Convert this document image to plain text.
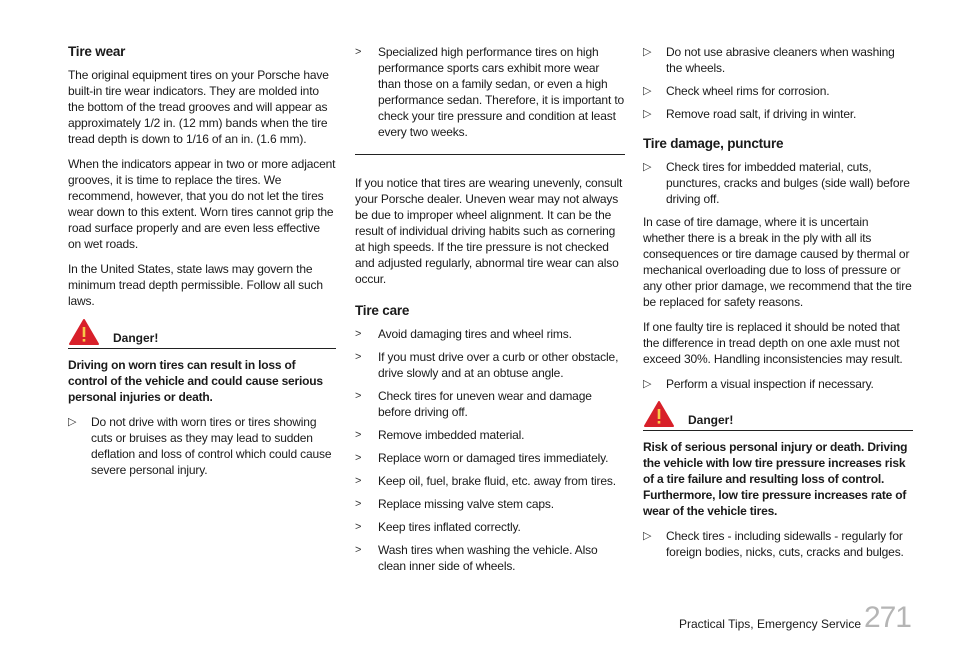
Tire wear

The original equipment tires on your Porsche have built-in tire wear indicators. They are molded into the bottom of the tread grooves and will appear as approximately 1/2 in. (12 mm) bands when the tire tread depth is down to 1/16 of an in. (1.6 mm).

When the indicators appear in two or more adjacent grooves, it is time to replace the tires. We recommend, however, that you do not let the tires wear down to this extent. Worn tires cannot grip the road surface properly and are even less effective on wet roads.

In the United States, state laws may govern the minimum tread depth permissible. Follow all such laws.

Danger!
Driving on worn tires can result in loss of control of the vehicle and could cause serious personal injuries or death.
▷ Do not drive with worn tires or tires showing cuts or bruises as they may lead to sudden deflation and loss of control which could cause severe personal injury.
> Specialized high performance tires on high performance sports cars exhibit more wear than those on a family sedan, or even a high performance sedan. Therefore, it is important to check your tire pressure and condition at least every two weeks.

If you notice that tires are wearing unevenly, consult your Porsche dealer. Uneven wear may not always be due to improper wheel alignment. It can be the result of individual driving habits such as cornering at high speeds. If the tire pressure is not checked and adjusted regularly, abnormal tire wear can also occur.

Tire care
> Avoid damaging tires and wheel rims.
> If you must drive over a curb or other obstacle, drive slowly and at an obtuse angle.
> Check tires for uneven wear and damage before driving off.
> Remove imbedded material.
> Replace worn or damaged tires immediately.
> Keep oil, fuel, brake fluid, etc. away from tires.
> Replace missing valve stem caps.
> Keep tires inflated correctly.
> Wash tires when washing the vehicle. Also clean inner side of wheels.
▷ Do not use abrasive cleaners when washing the wheels.
▷ Check wheel rims for corrosion.
▷ Remove road salt, if driving in winter.
Tire damage, puncture
▷ Check tires for imbedded material, cuts, punctures, cracks and bulges (side wall) before driving off.

In case of tire damage, where it is uncertain whether there is a break in the ply with all its consequences or tire damage caused by thermal or mechanical overloading due to loss of pressure or any other prior damage, we recommend that the tire be replaced for safety reasons.

If one faulty tire is replaced it should be noted that the difference in tread depth on one axle must not exceed 30%. Handling inconsistencies may result.

▷ Perform a visual inspection if necessary.
Danger!
Risk of serious personal injury or death. Driving the vehicle with low tire pressure increases risk of a tire failure and resulting loss of control. Furthermore, low tire pressure increases rate of wear of the vehicle tires.
▷ Check tires - including sidewalls - regularly for foreign bodies, nicks, cuts, cracks and bulges.
Practical Tips, Emergency Service 271
